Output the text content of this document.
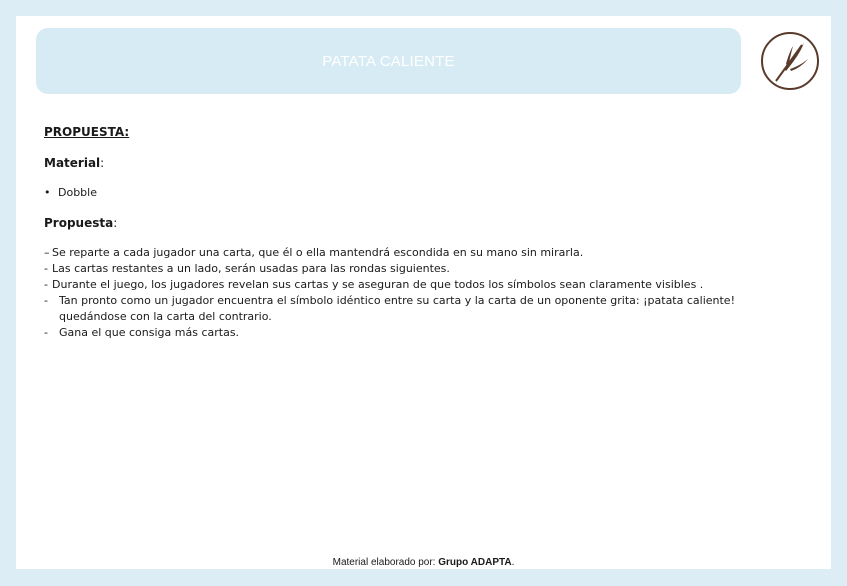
PATATA CALIENTE

PROPUESTA:

Material:

• Dobble

Propuesta:

– Se reparte a cada jugador una carta, que él o ella mantendrá escondida en su mano sin mirarla.
- Las cartas restantes a un lado, serán usadas para las rondas siguientes.
- Durante el juego, los jugadores revelan sus cartas y se aseguran de que todos los símbolos sean claramente visibles .
- Tan pronto como un jugador encuentra el símbolo idéntico entre su carta y la carta de un oponente grita: ¡patata caliente! quedándose con la carta del contrario.
- Gana el que consiga más cartas.
Material elaborado por: Grupo ADAPTA.
